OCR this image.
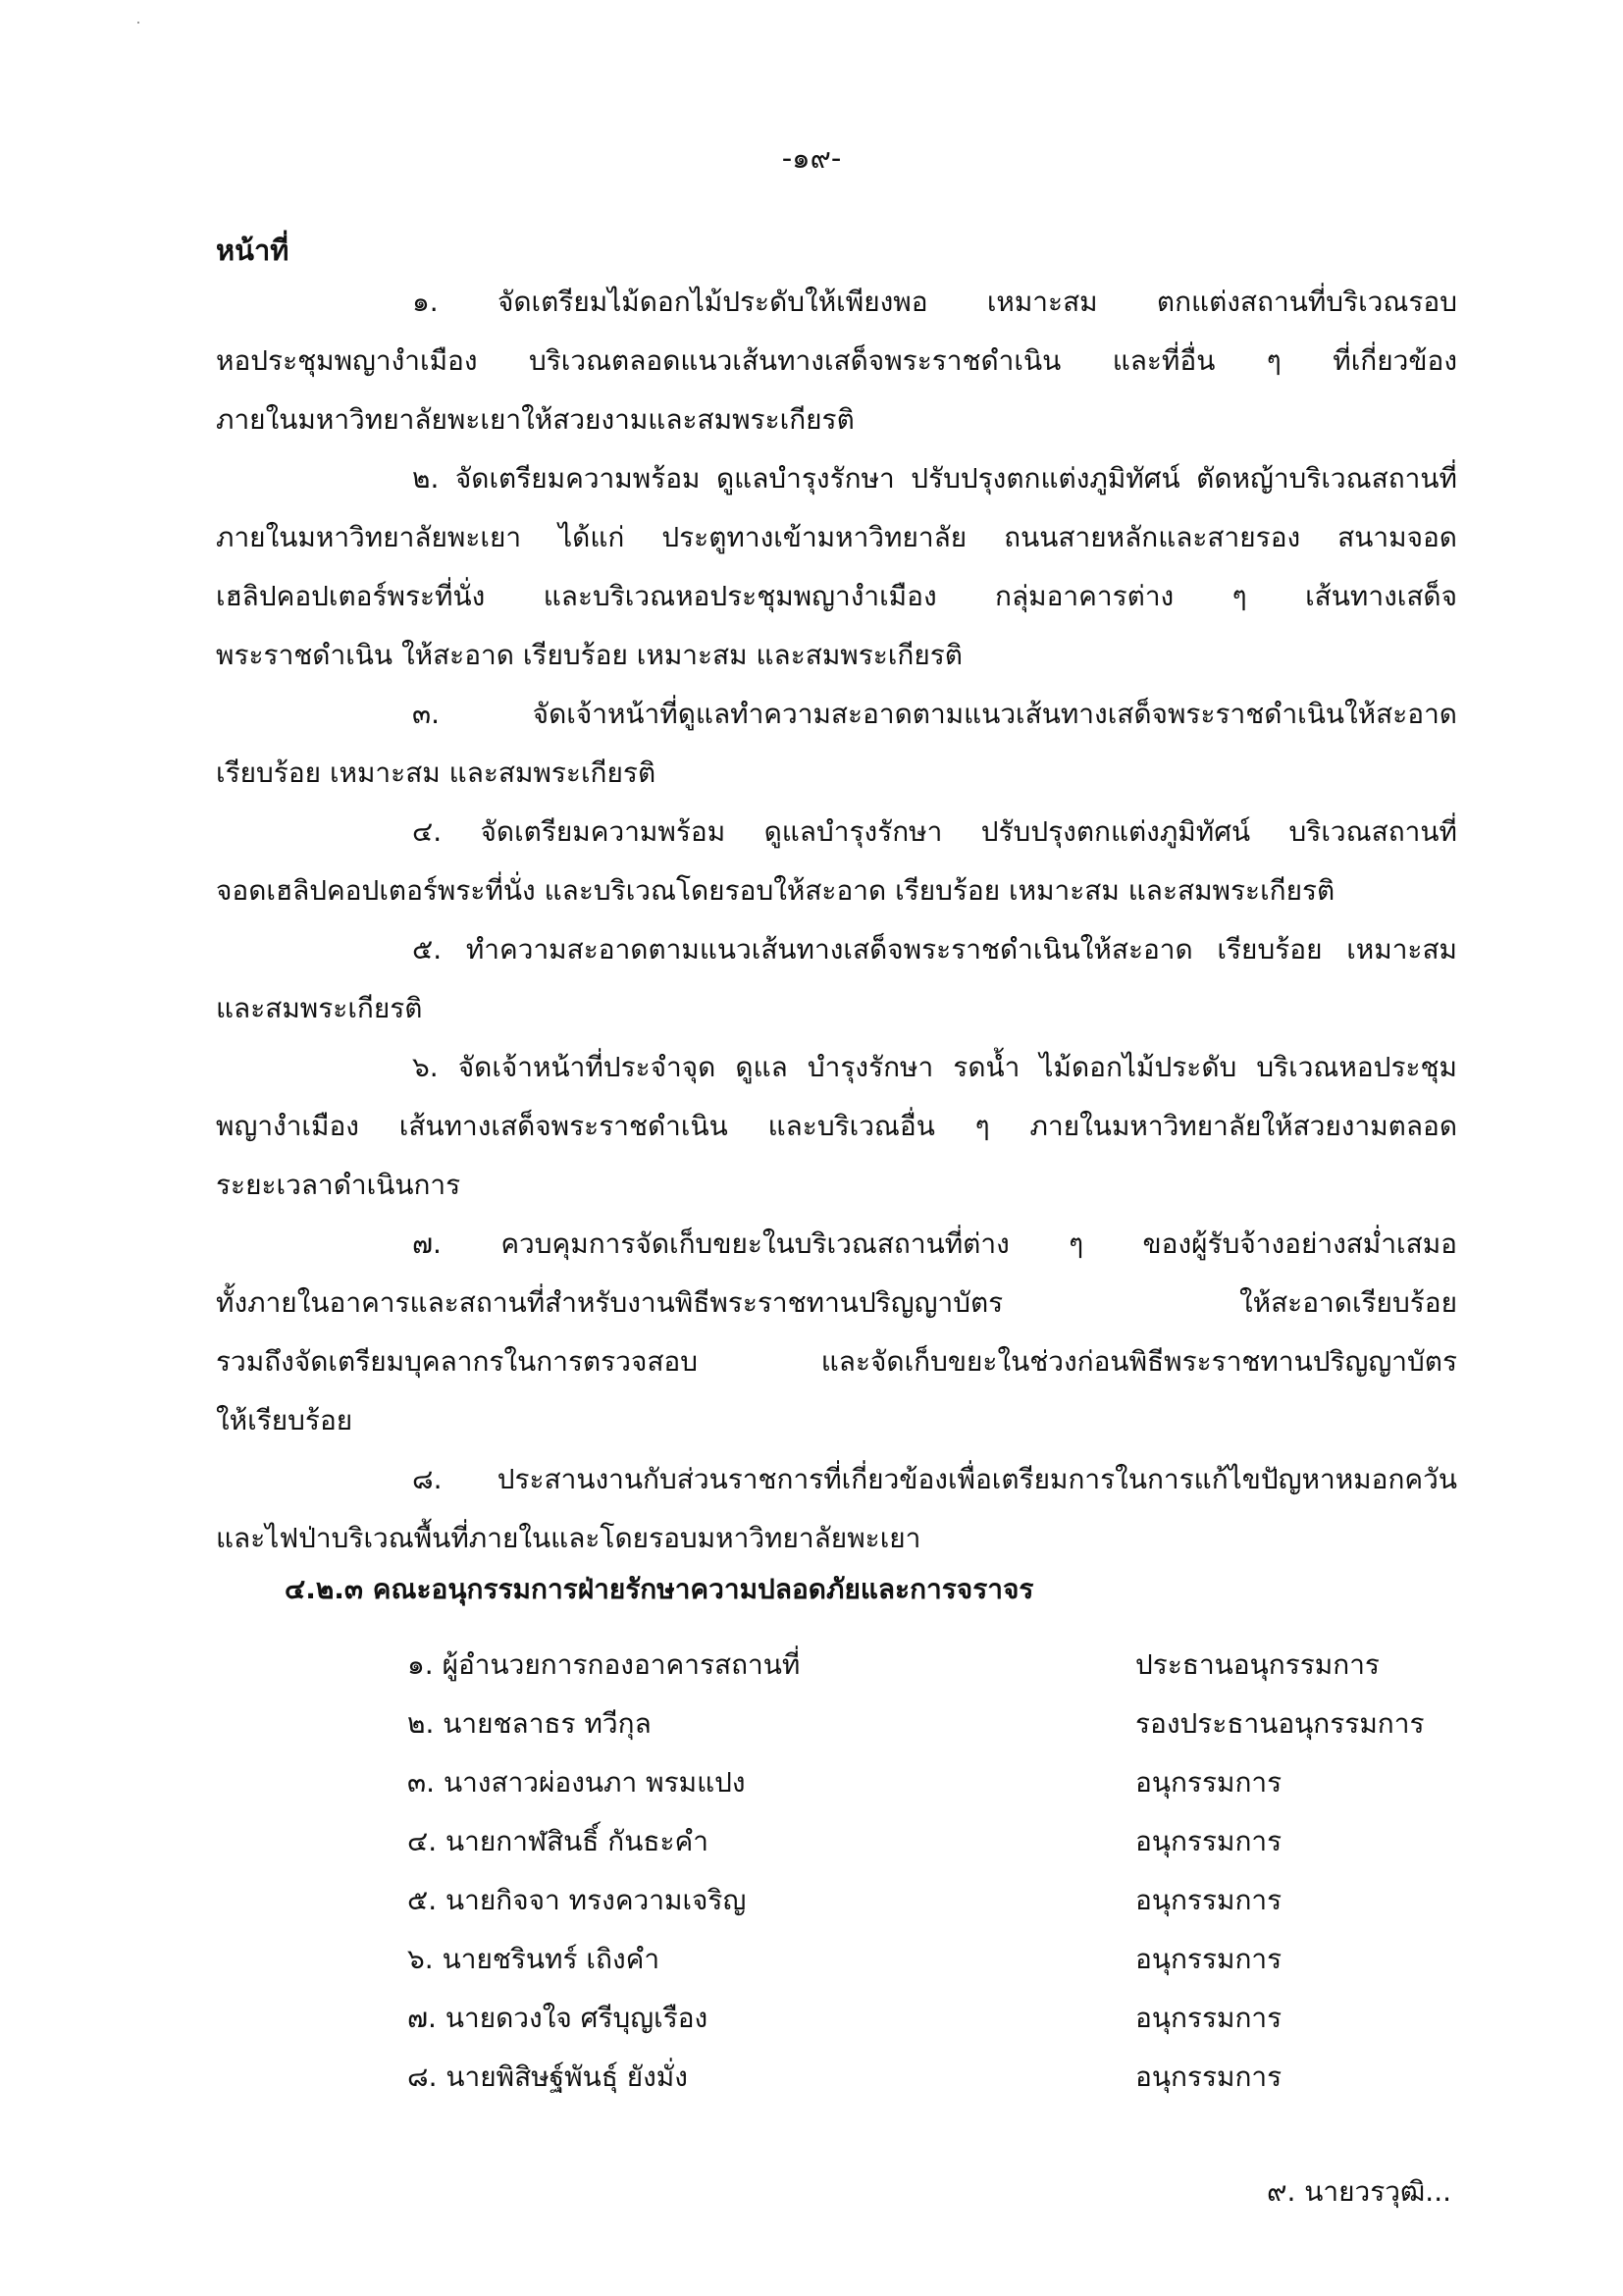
-๑๙-
หน้าที่

๑. จัดเตรียมไม้ดอกไม้ประดับให้เพียงพอ เหมาะสม ตกแต่งสถานที่บริเวณรอบ
หอประชุมพญางำเมือง บริเวณตลอดแนวเส้นทางเสด็จพระราชดำเนิน และที่อื่น ๆ ที่เกี่ยวข้อง
ภายในมหาวิทยาลัยพะเยาให้สวยงามและสมพระเกียรติ

๒. จัดเตรียมความพร้อม ดูแลบำรุงรักษา ปรับปรุงตกแต่งภูมิทัศน์ ตัดหญ้าบริเวณสถานที่
ภายในมหาวิทยาลัยพะเยา ได้แก่ ประตูทางเข้ามหาวิทยาลัย ถนนสายหลักและสายรอง สนามจอด
เฮลิปคอปเตอร์พระที่นั่ง และบริเวณหอประชุมพญางำเมือง กลุ่มอาคารต่าง ๆ เส้นทางเสด็จ
พระราชดำเนิน ให้สะอาด เรียบร้อย เหมาะสม และสมพระเกียรติ

๓. จัดเจ้าหน้าที่ดูแลทำความสะอาดตามแนวเส้นทางเสด็จพระราชดำเนินให้สะอาด
เรียบร้อย เหมาะสม และสมพระเกียรติ

๔. จัดเตรียมความพร้อม ดูแลบำรุงรักษา ปรับปรุงตกแต่งภูมิทัศน์ บริเวณสถานที่
จอดเฮลิปคอปเตอร์พระที่นั่ง และบริเวณโดยรอบให้สะอาด เรียบร้อย เหมาะสม และสมพระเกียรติ

๕. ทำความสะอาดตามแนวเส้นทางเสด็จพระราชดำเนินให้สะอาด เรียบร้อย เหมาะสม
และสมพระเกียรติ

๖. จัดเจ้าหน้าที่ประจำจุด ดูแล บำรุงรักษา รดน้ำ ไม้ดอกไม้ประดับ บริเวณหอประชุม
พญางำเมือง เส้นทางเสด็จพระราชดำเนิน และบริเวณอื่น ๆ ภายในมหาวิทยาลัยให้สวยงามตลอด
ระยะเวลาดำเนินการ

๗. ควบคุมการจัดเก็บขยะในบริเวณสถานที่ต่าง ๆ ของผู้รับจ้างอย่างสม่ำเสมอ
ทั้งภายในอาคารและสถานที่สำหรับงานพิธีพระราชทานปริญญาบัตร ให้สะอาดเรียบร้อย
รวมถึงจัดเตรียมบุคลากรในการตรวจสอบ และจัดเก็บขยะในช่วงก่อนพิธีพระราชทานปริญญาบัตร
ให้เรียบร้อย

๘. ประสานงานกับส่วนราชการที่เกี่ยวข้องเพื่อเตรียมการในการแก้ไขปัญหาหมอกควัน
และไฟป่าบริเวณพื้นที่ภายในและโดยรอบมหาวิทยาลัยพะเยา

๔.๒.๓ คณะอนุกรรมการฝ่ายรักษาความปลอดภัยและการจราจร
๑. ผู้อำนวยการกองอาคารสถานที่	ประธานอนุกรรมการ
๒. นายชลาธร ทวีกุล	รองประธานอนุกรรมการ
๓. นางสาวผ่องนภา พรมแปง	อนุกรรมการ
๔. นายกาฬสินธิ์ กันธะคำ	อนุกรรมการ
๕. นายกิจจา ทรงความเจริญ	อนุกรรมการ
๖. นายชรินทร์ เถิงคำ	อนุกรรมการ
๗. นายดวงใจ ศรีบุญเรือง	อนุกรรมการ
๘. นายพิสิษฐ์พันธุ์ ยังมั่ง	อนุกรรมการ
๙. นายวรวุฒิ...
